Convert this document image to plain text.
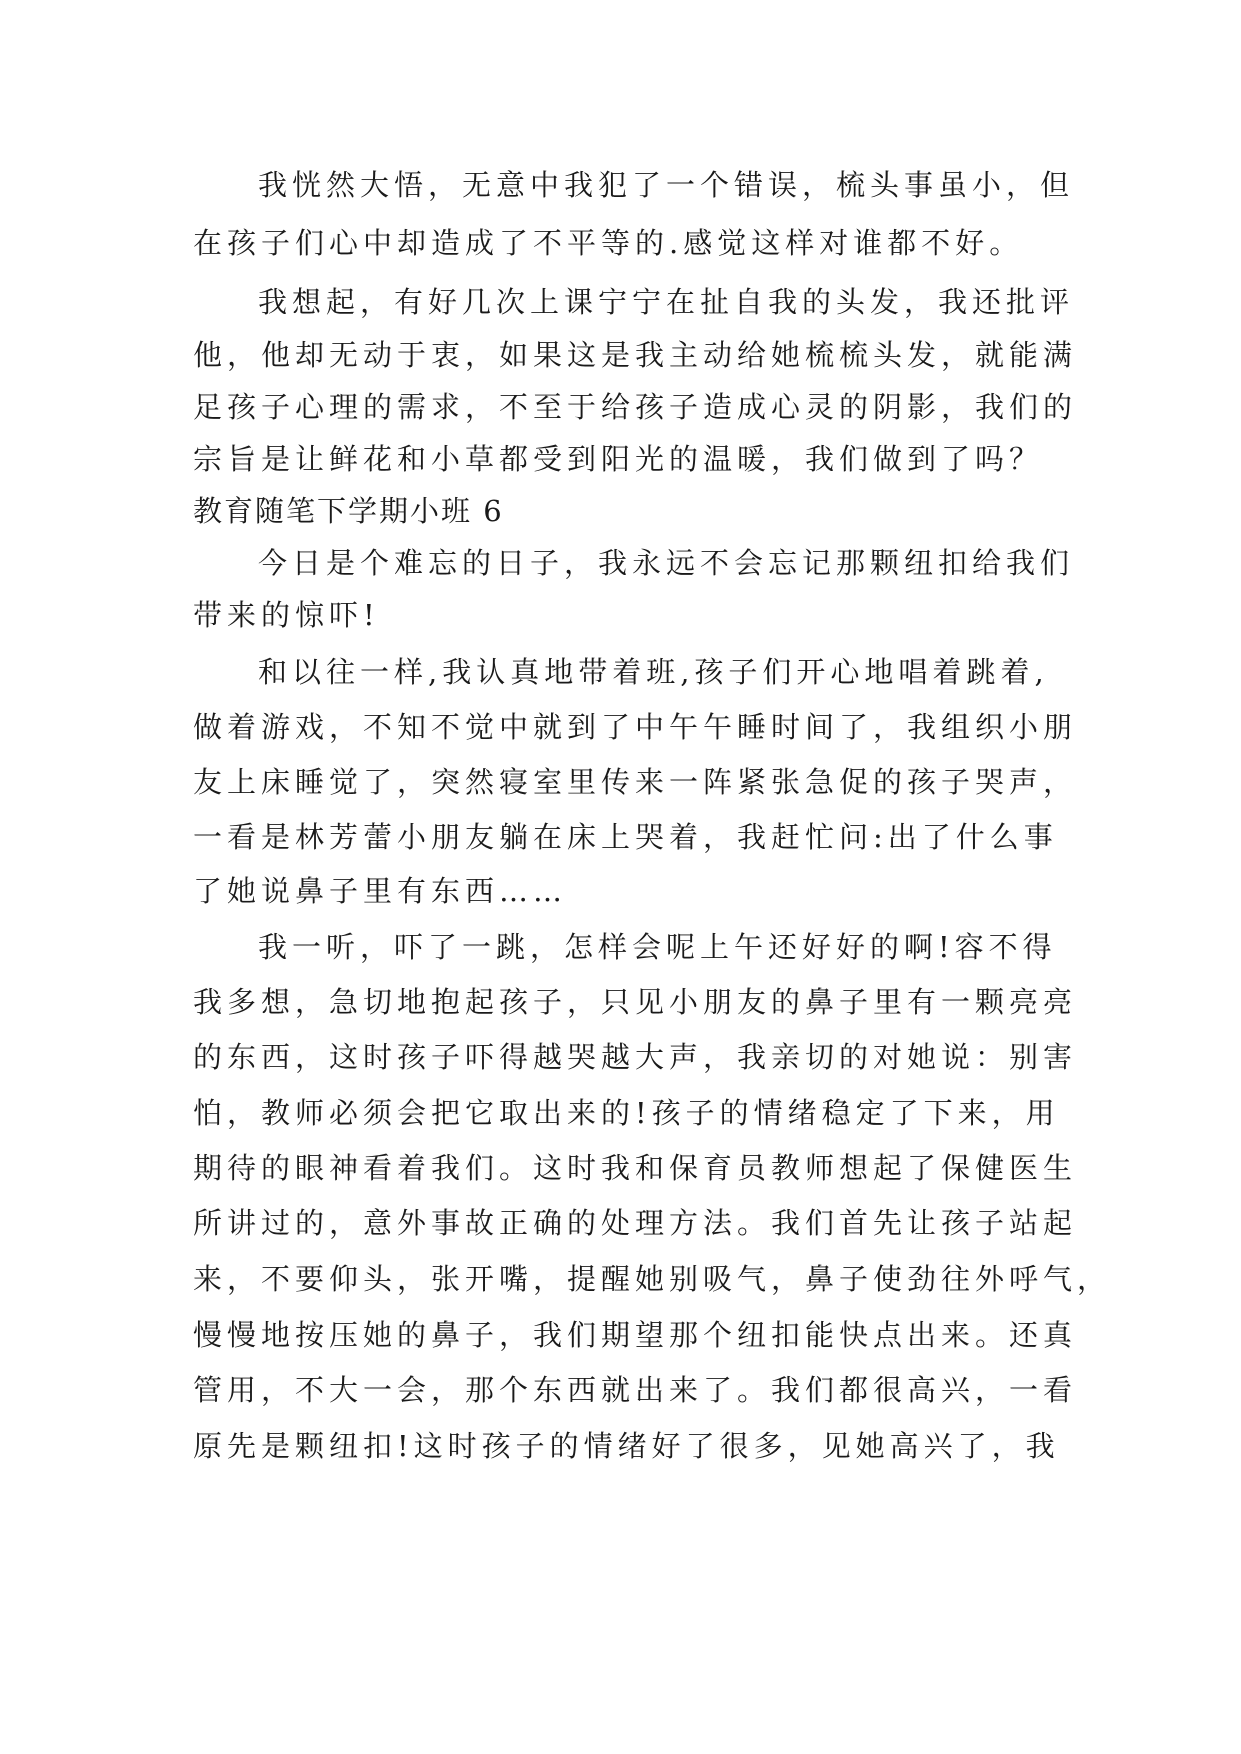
我恍然大悟，无意中我犯了一个错误，梳头事虽小，但
在孩子们心中却造成了不平等的.感觉这样对谁都不好。
我想起，有好几次上课宁宁在扯自我的头发，我还批评
他，他却无动于衷，如果这是我主动给她梳梳头发，就能满
足孩子心理的需求，不至于给孩子造成心灵的阴影，我们的
宗旨是让鲜花和小草都受到阳光的温暖，我们做到了吗？
教育随笔下学期小班 6
今日是个难忘的日子，我永远不会忘记那颗纽扣给我们
带来的惊吓!
和以往一样,我认真地带着班,孩子们开心地唱着跳着,
做着游戏，不知不觉中就到了中午午睡时间了，我组织小朋
友上床睡觉了，突然寝室里传来一阵紧张急促的孩子哭声，
一看是林芳蕾小朋友躺在床上哭着，我赶忙问:出了什么事
了她说鼻子里有东西……
我一听，吓了一跳，怎样会呢上午还好好的啊!容不得
我多想，急切地抱起孩子，只见小朋友的鼻子里有一颗亮亮
的东西，这时孩子吓得越哭越大声，我亲切的对她说：别害
怕，教师必须会把它取出来的!孩子的情绪稳定了下来，用
期待的眼神看着我们。这时我和保育员教师想起了保健医生
所讲过的，意外事故正确的处理方法。我们首先让孩子站起
来，不要仰头，张开嘴，提醒她别吸气，鼻子使劲往外呼气，
慢慢地按压她的鼻子，我们期望那个纽扣能快点出来。还真
管用，不大一会，那个东西就出来了。我们都很高兴，一看
原先是颗纽扣!这时孩子的情绪好了很多，见她高兴了，我
